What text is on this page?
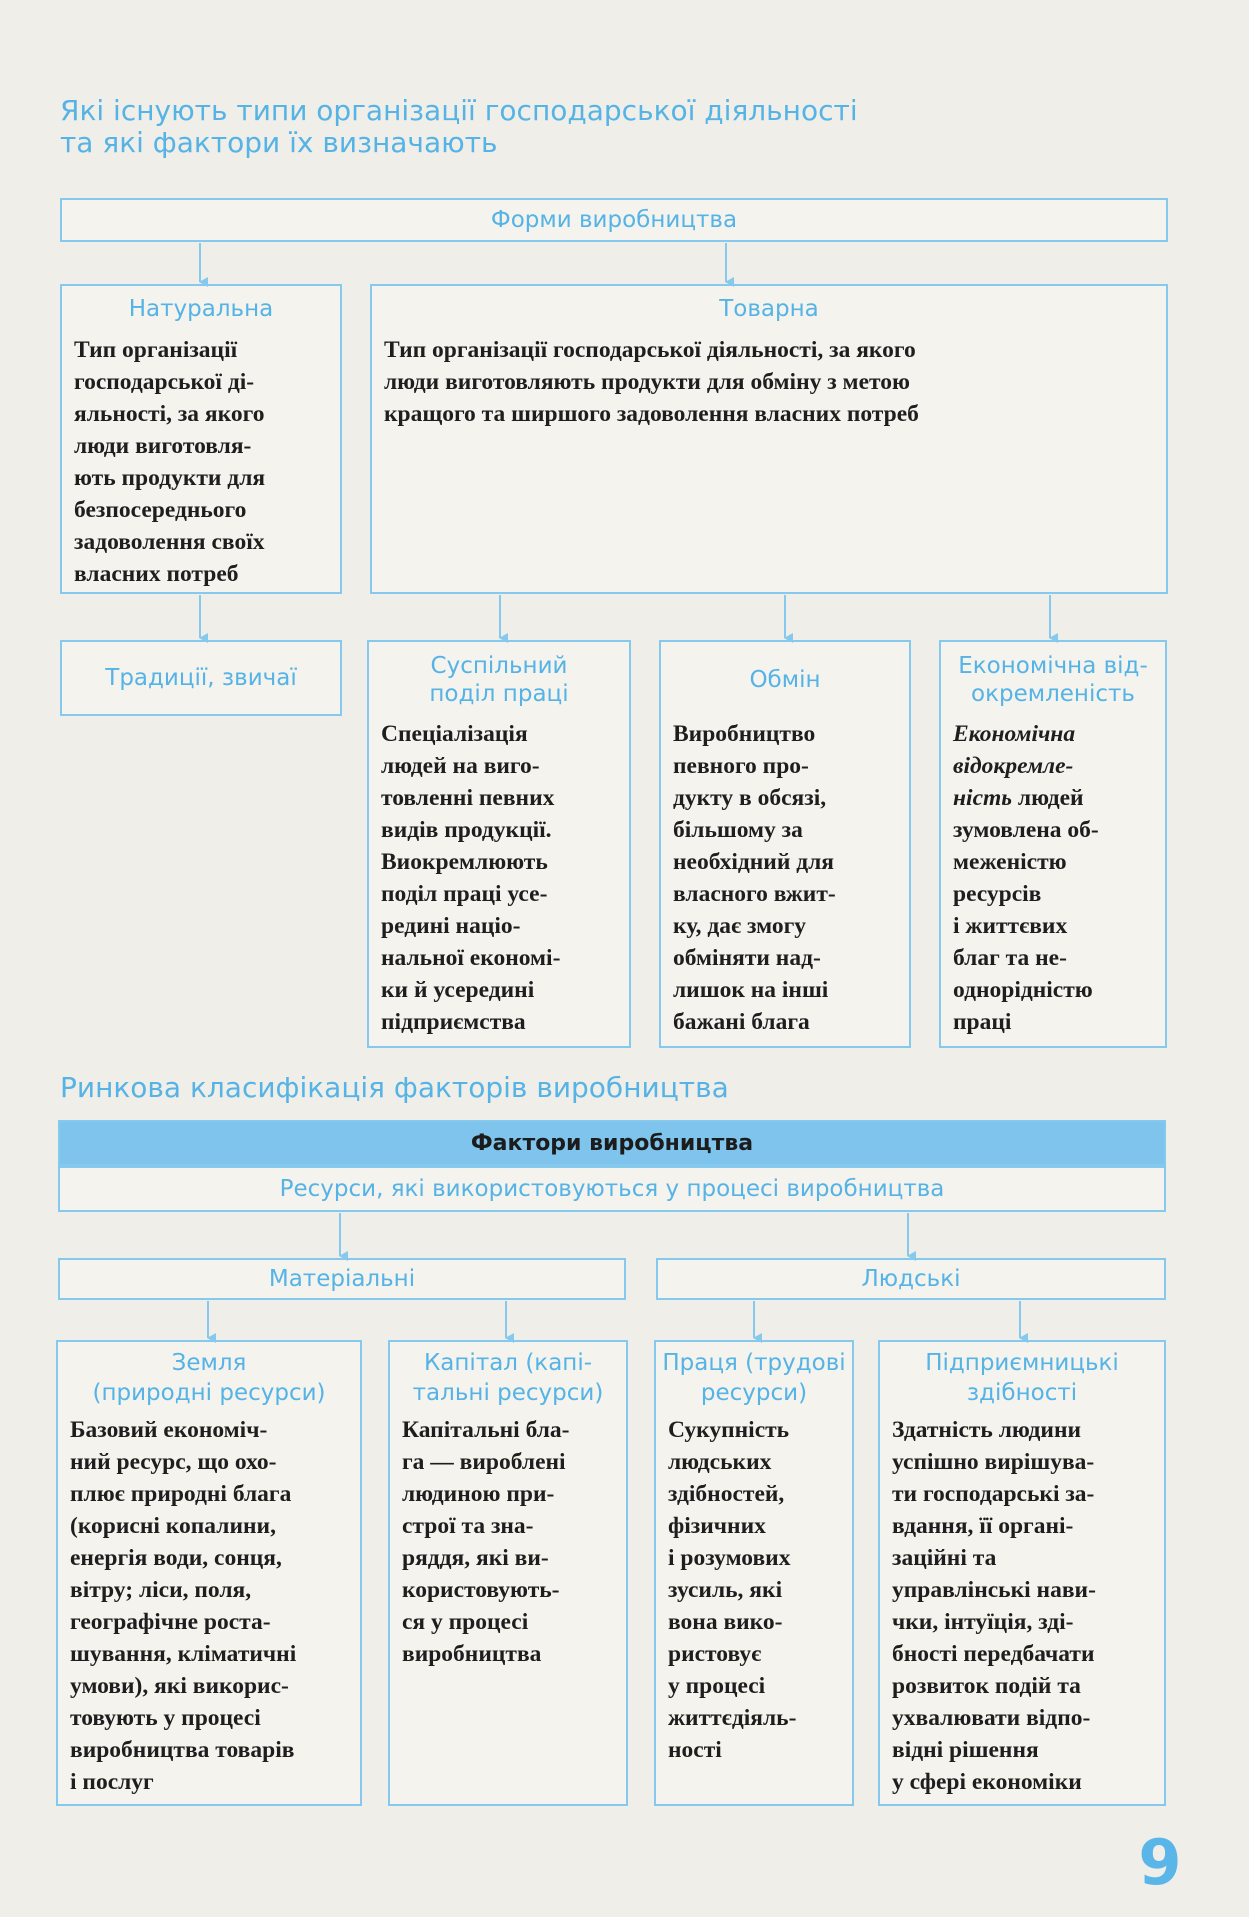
Які існують типи організації господарської діяльності
та які фактори їх визначають
Форми виробництва
Натуральна
Тип організації
господарської ді-
яльності, за якого
люди виготовля-
ють продукти для
безпосереднього
задоволення своїх
власних потреб
Товарна
Тип організації господарської діяльності, за якого
люди виготовляють продукти для обміну з метою
кращого та ширшого задоволення власних потреб
Традиції, звичаї	Суспільний
поділ праці
Спеціалізація
людей на виго-
товленні певних
видів продукції.
Виокремлюють
поділ праці усе-
редині націо-
нальної економі-
ки й усередині
підприємства
Обмін
Виробництво
певного про-
дукту в обсязі,
більшому за
необхідний для
власного вжит-
ку, дає змогу
обміняти над-
лишок на інші
бажані блага
Економічна від-
окремленість
Економічна
відокремле-
ність людей
зумовлена об-
меженістю
ресурсів
і життєвих
благ та не-
однорідністю
праці
Ринкова класифікація факторів виробництва
Фактори виробництва
Ресурси, які використовуються у процесі виробництва
Матеріальні	Людські
Земля
(природні ресурси)
Базовий економіч-
ний ресурс, що охо-
плює природні блага
(корисні копалини,
енергія води, сонця,
вітру; ліси, поля,
географічне роста-
шування, кліматичні
умови), які викорис-
товують у процесі
виробництва товарів
і послуг
Капітал (капі-
тальні ресурси)
Капітальні бла-
га — вироблені
людиною при-
строї та зна-
ряддя, які ви-
користовують-
ся у процесі
виробництва
Праця (трудові
ресурси)
Сукупність
людських
здібностей,
фізичних
і розумових
зусиль, які
вона вико-
ристовує
у процесі
життєдіяль-
ності
Підприємницькі
здібності
Здатність людини
успішно вирішува-
ти господарські за-
вдання, її органі-
заційні та
управлінські нави-
чки, інтуїція, зді-
бності передбачати
розвиток подій та
ухвалювати відпо-
відні рішення
у сфері економіки
9
